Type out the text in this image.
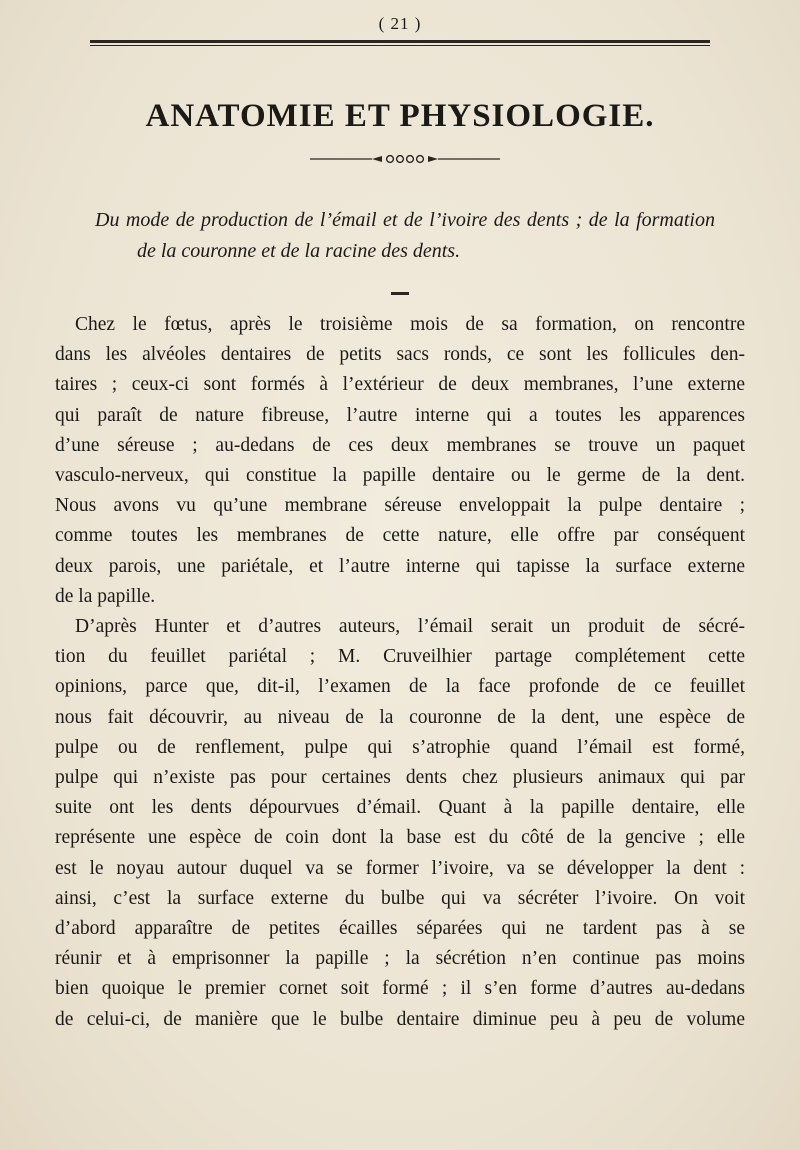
( 21 )
ANATOMIE ET PHYSIOLOGIE.
Du mode de production de l’émail et de l’ivoire des dents ; de la formation
de la couronne et de la racine des dents.
Chez le fœtus, après le troisième mois de sa formation, on rencontre
dans les alvéoles dentaires de petits sacs ronds, ce sont les follicules den-
taires ; ceux-ci sont formés à l’extérieur de deux membranes, l’une externe
qui paraît de nature fibreuse, l’autre interne qui a toutes les apparences
d’une séreuse ; au-dedans de ces deux membranes se trouve un paquet
vasculo-nerveux, qui constitue la papille dentaire ou le germe de la dent.
Nous avons vu qu’une membrane séreuse enveloppait la pulpe dentaire ;
comme toutes les membranes de cette nature, elle offre par conséquent
deux parois, une pariétale, et l’autre interne qui tapisse la surface externe
de la papille.
D’après Hunter et d’autres auteurs, l’émail serait un produit de sécré-
tion du feuillet pariétal ; M. Cruveilhier partage complétement cette
opinions, parce que, dit-il, l’examen de la face profonde de ce feuillet
nous fait découvrir, au niveau de la couronne de la dent, une espèce de
pulpe ou de renflement, pulpe qui s’atrophie quand l’émail est formé,
pulpe qui n’existe pas pour certaines dents chez plusieurs animaux qui par
suite ont les dents dépourvues d’émail. Quant à la papille dentaire, elle
représente une espèce de coin dont la base est du côté de la gencive ; elle
est le noyau autour duquel va se former l’ivoire, va se développer la dent :
ainsi, c’est la surface externe du bulbe qui va sécréter l’ivoire. On voit
d’abord apparaître de petites écailles séparées qui ne tardent pas à se
réunir et à emprisonner la papille ; la sécrétion n’en continue pas moins
bien quoique le premier cornet soit formé ; il s’en forme d’autres au-dedans
de celui-ci, de manière que le bulbe dentaire diminue peu à peu de volume
